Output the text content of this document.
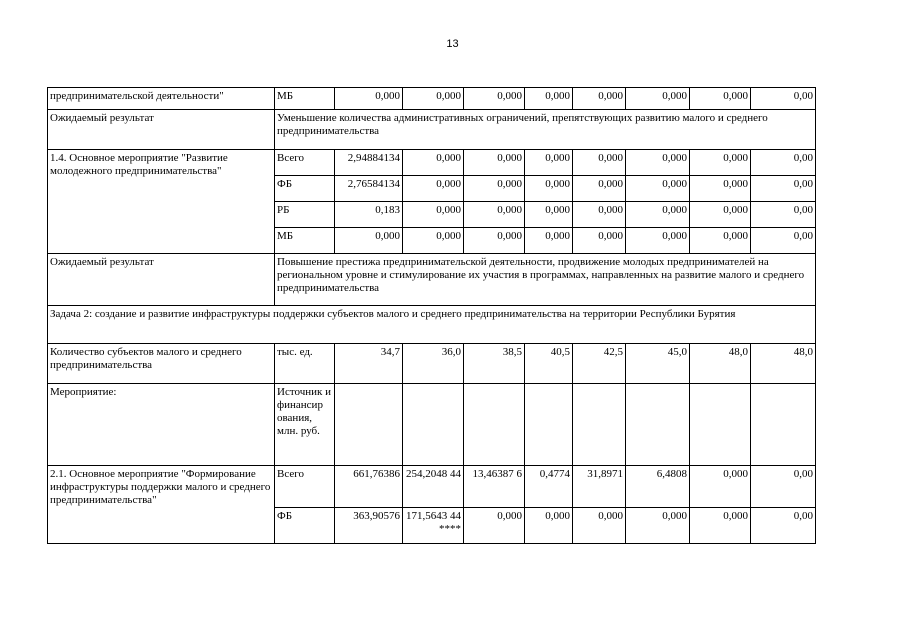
13
предпринимательской деятельности"	МБ	0,000	0,000	0,000	0,000	0,000	0,000	0,000	0,00
Ожидаемый результат	Уменьшение количества административных ограничений, препятствующих развитию малого и среднего предпринимательства								
1.4. Основное мероприятие "Развитие молодежного предпринимательства"	Всего	2,94884134	0,000	0,000	0,000	0,000	0,000	0,000	0,00
	ФБ	2,76584134	0,000	0,000	0,000	0,000	0,000	0,000	0,00
	РБ	0,183	0,000	0,000	0,000	0,000	0,000	0,000	0,00
	МБ	0,000	0,000	0,000	0,000	0,000	0,000	0,000	0,00
Ожидаемый результат	Повышение престижа предпринимательской деятельности, продвижение молодых предпринимателей на региональном уровне и стимулирование их участия в программах, направленных на развитие малого и среднего предпринимательства								
Задача 2: создание и развитие инфраструктуры поддержки субъектов малого и среднего предпринимательства на территории Республики Бурятия									
Количество субъектов малого и среднего предпринимательства	тыс. ед.	34,7	36,0	38,5	40,5	42,5	45,0	48,0	48,0
Мероприятие:	Источник и финансир ования, млн. руб.								
2.1. Основное мероприятие "Формирование инфраструктуры поддержки малого и среднего предпринимательства"	Всего	661,76386	254,2048 44	13,46387 6	0,4774	31,8971	6,4808	0,000	0,00
	ФБ	363,90576	171,5643 44 ****	0,000	0,000	0,000	0,000	0,000	0,00
